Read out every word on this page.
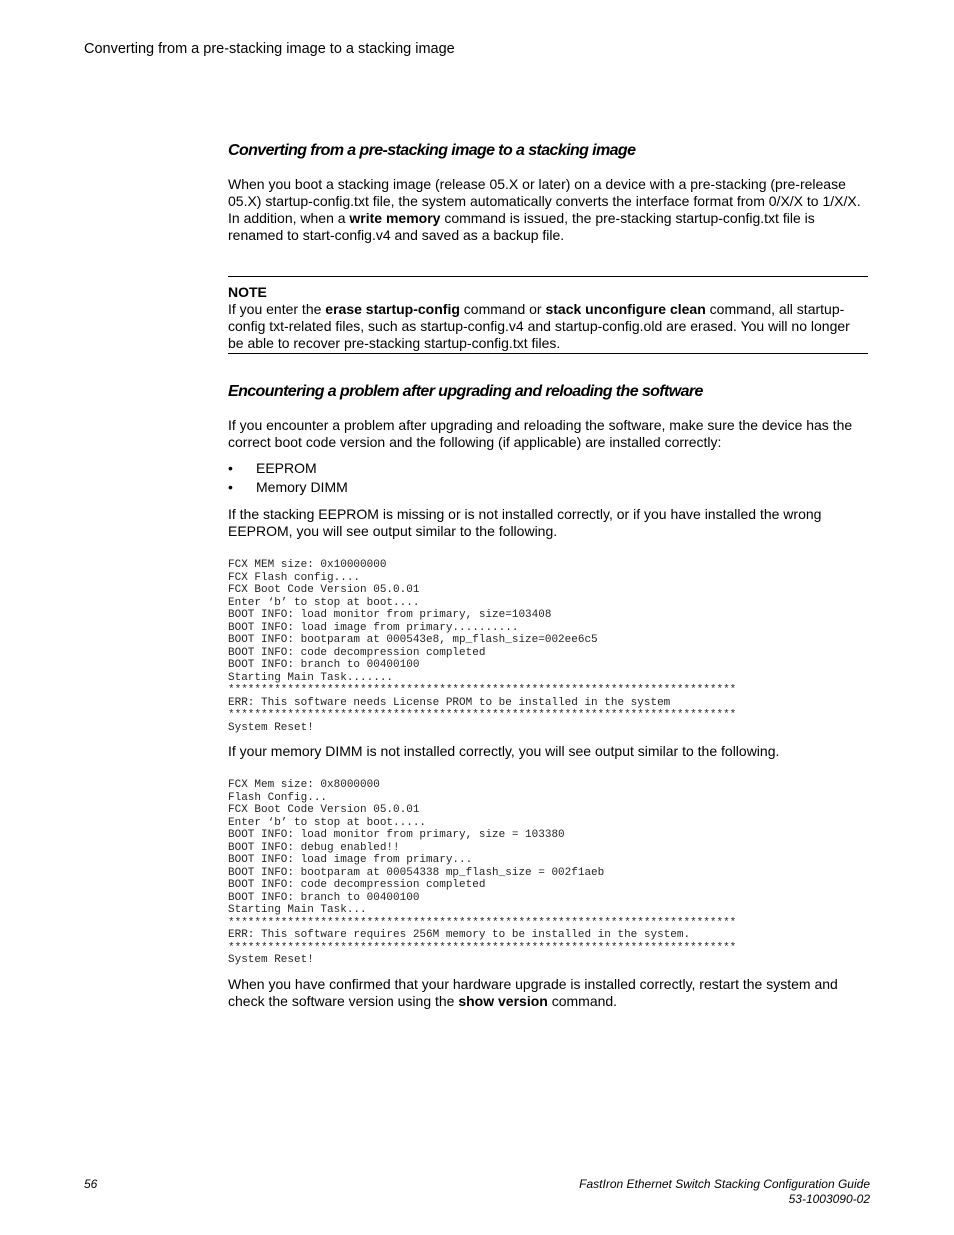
Converting from a pre-stacking image to a stacking image
Converting from a pre-stacking image to a stacking image

When you boot a stacking image (release 05.X or later) on a device with a pre-stacking (pre-release 05.X) startup-config.txt file, the system automatically converts the interface format from 0/X/X to 1/X/X. In addition, when a write memory command is issued, the pre-stacking startup-config.txt file is renamed to start-config.v4 and saved as a backup file.

NOTE

If you enter the erase startup-config command or stack unconfigure clean command, all startup-config txt-related files, such as startup-config.v4 and startup-config.old are erased. You will no longer be able to recover pre-stacking startup-config.txt files.

Encountering a problem after upgrading and reloading the software

If you encounter a problem after upgrading and reloading the software, make sure the device has the correct boot code version and the following (if applicable) are installed correctly:

• EEPROM
• Memory DIMM

If the stacking EEPROM is missing or is not installed correctly, or if you have installed the wrong EEPROM, you will see output similar to the following.

FCX MEM size: 0x10000000
FCX Flash config....
FCX Boot Code Version 05.0.01
Enter ‘b’ to stop at boot....
BOOT INFO: load monitor from primary, size=103408
BOOT INFO: load image from primary..........
BOOT INFO: bootparam at 000543e8, mp_flash_size=002ee6c5
BOOT INFO: code decompression completed
BOOT INFO: branch to 00400100
Starting Main Task.......
*****************************************************************************
ERR: This software needs License PROM to be installed in the system
*****************************************************************************
System Reset!

If your memory DIMM is not installed correctly, you will see output similar to the following.

FCX Mem size: 0x8000000
Flash Config...
FCX Boot Code Version 05.0.01
Enter ‘b’ to stop at boot.....
BOOT INFO: load monitor from primary, size = 103380
BOOT INFO: debug enabled!!
BOOT INFO: load image from primary...
BOOT INFO: bootparam at 00054338 mp_flash_size = 002f1aeb
BOOT INFO: code decompression completed
BOOT INFO: branch to 00400100
Starting Main Task...
*****************************************************************************
ERR: This software requires 256M memory to be installed in the system.
*****************************************************************************
System Reset!

When you have confirmed that your hardware upgrade is installed correctly, restart the system and check the software version using the show version command.

56	FastIron Ethernet Switch Stacking Configuration Guide
53-1003090-02
